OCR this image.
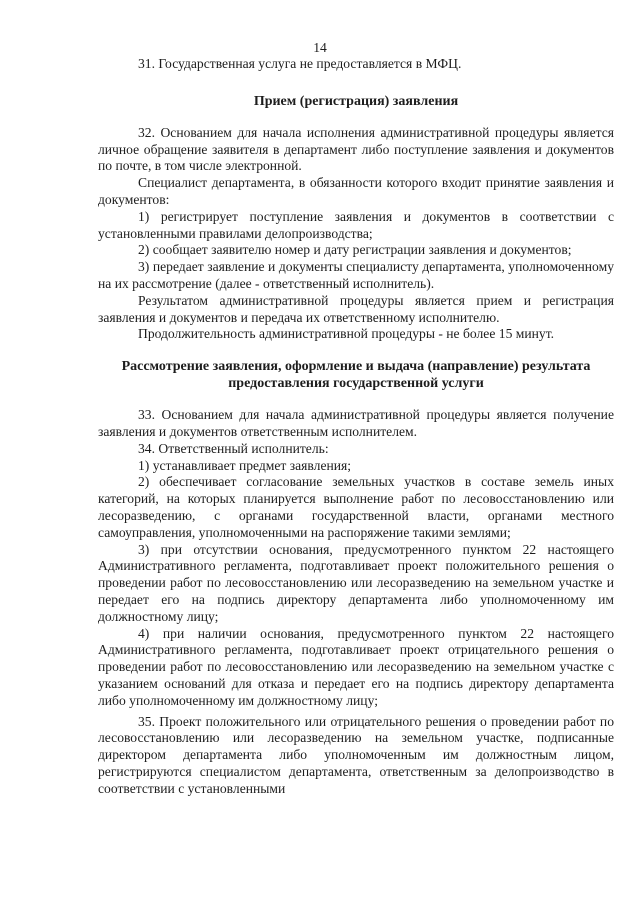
14

31. Государственная услуга не предоставляется в МФЦ.

Прием (регистрация) заявления

32. Основанием для начала исполнения административной процедуры является личное обращение заявителя в департамент либо поступление заявления и документов по почте, в том числе электронной.

Специалист департамента, в обязанности которого входит принятие заявления и документов:

1) регистрирует поступление заявления и документов в соответствии с установленными правилами делопроизводства;

2) сообщает заявителю номер и дату регистрации заявления и документов;

3) передает заявление и документы специалисту департамента, уполномоченному на их рассмотрение (далее - ответственный исполнитель).

Результатом административной процедуры является прием и регистрация заявления и документов и передача их ответственному исполнителю.

Продолжительность административной процедуры - не более 15 минут.

Рассмотрение заявления, оформление и выдача (направление) результата предоставления государственной услуги

33. Основанием для начала административной процедуры является получение заявления и документов ответственным исполнителем.

34. Ответственный исполнитель:

1) устанавливает предмет заявления;

2) обеспечивает согласование земельных участков в составе земель иных категорий, на которых планируется выполнение работ по лесовосстановлению или лесоразведению, с органами государственной власти, органами местного самоуправления, уполномоченными на распоряжение такими землями;

3) при отсутствии основания, предусмотренного пунктом 22 настоящего Административного регламента, подготавливает проект положительного решения о проведении работ по лесовосстановлению или лесоразведению на земельном участке и передает его на подпись директору департамента либо уполномоченному им должностному лицу;

4) при наличии основания, предусмотренного пунктом 22 настоящего Административного регламента, подготавливает проект отрицательного решения о проведении работ по лесовосстановлению или лесоразведению на земельном участке с указанием оснований для отказа и передает его на подпись директору департамента либо уполномоченному им должностному лицу;

35. Проект положительного или отрицательного решения о проведении работ по лесовосстановлению или лесоразведению на земельном участке, подписанные директором департамента либо уполномоченным им должностным лицом, регистрируются специалистом департамента, ответственным за делопроизводство в соответствии с установленными
